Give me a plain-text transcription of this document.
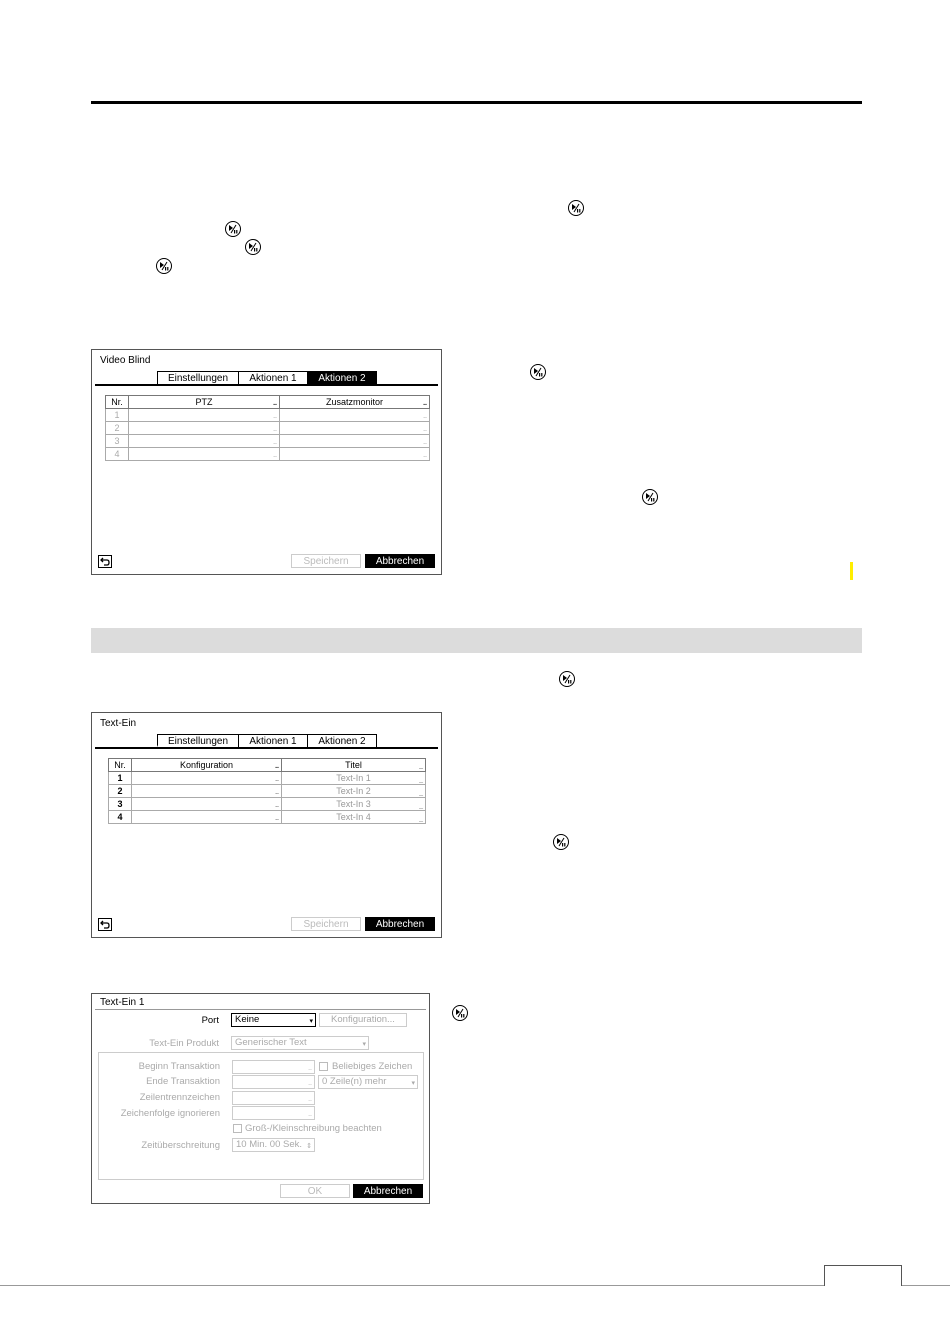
Video Blind
Einstellungen	Aktionen 1	Aktionen 2
Nr.	PTZ ..	Zusatzmonitor ..

1	..	..

2	..	..

3	..	..

4	..	..
Speichern	Abbrechen
Text-Ein
Einstellungen	Aktionen 1	Aktionen 2
Nr.	Konfiguration ..	Titel _

1	..	Text-In 1 _

2	..	Text-In 2 _

3	..	Text-In 3 _

4	..	Text-In 4 _
Speichern	Abbrechen
Text-Ein 1
Port	Keine	▾	Konfiguration...
Text-Ein Produkt	Generischer Text	▾
Beginn Transaktion	.. Beliebiges Zeichen
Ende Transaktion	..	0 Zeile(n) mehr	▾
Zeilentrennzeichen	..
Zeichenfolge ignorieren	..
Groß-/Kleinschreibung beachten
Zeitüberschreitung	10 Min. 00 Sek. ⇕
OK	Abbrechen
